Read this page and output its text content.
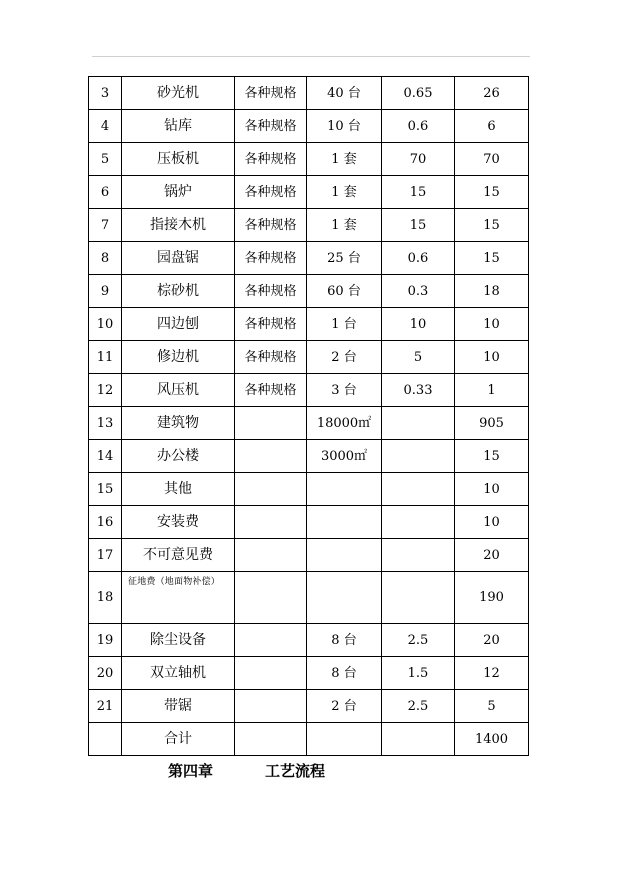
3	砂光机	各种规格	40 台	0.65	26
4	钻库	各种规格	10 台	0.6	6
5	压板机	各种规格	1 套	70	70
6	锅炉	各种规格	1 套	15	15
7	指接木机	各种规格	1 套	15	15
8	园盘锯	各种规格	25 台	0.6	15
9	棕砂机	各种规格	60 台	0.3	18
10	四边刨	各种规格	1 台	10	10
11	修边机	各种规格	2 台	5	10
12	风压机	各种规格	3 台	0.33	1
13	建筑物		18000㎡		905
14	办公楼		3000㎡		15
15	其他				10
16	安装费				10
17	不可意见费				20
18	征地费（地面物补偿）				190
19	除尘设备		8 台	2.5	20
20	双立轴机		8 台	1.5	12
21	带锯		2 台	2.5	5
	合计				1400
第四章	工艺流程
